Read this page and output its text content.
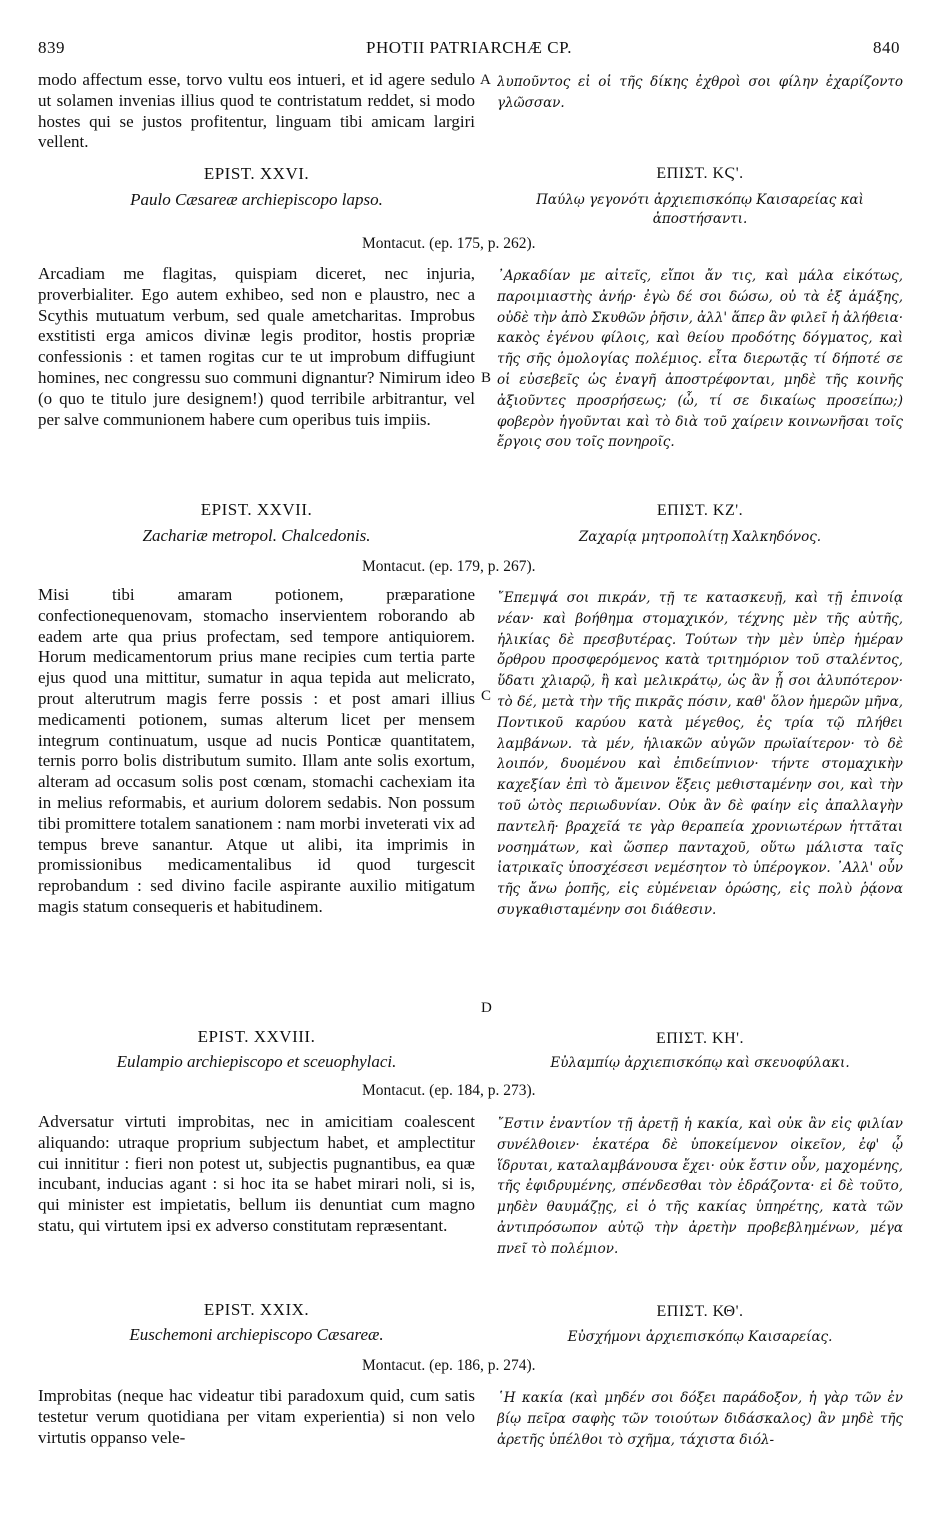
839	PHOTII PATRIARCHÆ CP.	840

modo affectum esse, torvo vultu eos intueri, et id agere sedulo ut solamen invenias illius quod te contristatum reddet, si modo hostes qui se justos profitentur, linguam tibi amicam largiri vellent.

λυποῦντος εἰ οἱ τῆς δίκης ἐχθροὶ σοι φίλην ἐχαρίζοντο γλῶσσαν.

EPIST. XXVI.
Paulo Cæsareæ archiepiscopo lapso.
ΕΠΙΣΤ. ΚϚ'.
Παύλῳ γεγονότι ἀρχιεπισκόπῳ Καισαρείας καὶ ἀποστήσαντι.
Montacut. (ep. 175, p. 262).

Arcadiam me flagitas, quispiam diceret, nec injuria, proverbialiter. Ego autem exhibeo, sed non e plaustro, nec a Scythis mutuatum verbum, sed quale ametcharitas. Improbus exstitisti erga amicos divinæ legis proditor, hostis propriæ confessionis : et tamen rogitas cur te ut improbum diffugiunt homines, nec congressu suo communi dignantur? Nimirum ideo (o quo te titulo jure designem!) quod terribile arbitrantur, vel per salve communionem habere cum operibus tuis impiis.

᾿Αρκαδίαν με αἰτεῖς, εἴποι ἄν τις, καὶ μάλα εἰκότως, παροιμιαστὴς ἀνήρ· ἐγὼ δέ σοι δώσω, οὐ τὰ ἐξ ἁμάξης, οὐδὲ τὴν ἀπὸ Σκυθῶν ῥῆσιν, ἀλλ' ἅπερ ἂν φιλεῖ ἡ ἀλήθεια· κακὸς ἐγένου φίλοις, καὶ θείου προδότης δόγματος, καὶ τῆς σῆς ὁμολογίας πολέμιος. εἶτα διερωτᾷς τί δήποτέ σε οἱ εὐσεβεῖς ὡς ἐναγῆ ἀποστρέφονται, μηδὲ τῆς κοινῆς ἀξιοῦντες προσρήσεως; (ὦ, τί σε δικαίως προσείπω;) φοβερὸν ἡγοῦνται καὶ τὸ διὰ τοῦ χαίρειν κοινωνῆσαι τοῖς ἔργοις σου τοῖς πονηροῖς.

EPIST. XXVII.
Zachariæ metropol. Chalcedonis.
ΕΠΙΣΤ. ΚΖ'.
Ζαχαρίᾳ μητροπολίτῃ Χαλκηδόνος.
Montacut. (ep. 179, p. 267).

Misi tibi amaram potionem, præparatione confectionequenovam, stomacho inservientem roborando ab eadem arte qua prius profectam, sed tempore antiquiorem. Horum medicamentorum prius mane recipies cum tertia parte ejus quod una mittitur, sumatur in aqua tepida aut melicrato, prout alterutrum magis ferre possis : et post amari illius medicamenti potionem, sumas alterum licet per mensem integrum continuatum, usque ad nucis Ponticæ quantitatem, ternis porro bolis distributum sumito. Illam ante solis exortum, alteram ad occasum solis post cœnam, stomachi cachexiam ita in melius reformabis, et aurium dolorem sedabis. Non possum tibi promittere totalem sanationem : nam morbi inveterati vix ad tempus breve sanantur. Atque ut alibi, ita imprimis in promissionibus medicamentalibus id quod turgescit reprobandum : sed divino facile aspirante auxilio mitigatum magis statum consequeris et habitudinem.

῎Επεμψά σοι πικράν, τῇ τε κατασκευῇ, καὶ τῇ ἐπινοίᾳ νέαν· καὶ βοήθημα στομαχικόν, τέχνης μὲν τῆς αὐτῆς, ἡλικίας δὲ πρεσβυτέρας. Τούτων τὴν μὲν ὑπὲρ ἡμέραν ὄρθρου προσφερόμενος κατὰ τριτημόριον τοῦ σταλέντος, ὕδατι χλιαρῷ, ἢ καὶ μελικράτῳ, ὡς ἂν ᾖ σοι ἀλυπότερον· τὸ δέ, μετὰ τὴν τῆς πικρᾶς πόσιν, καθ' ὅλον ἡμερῶν μῆνα, Ποντικοῦ καρύου κατὰ μέγεθος, ἐς τρία τῷ πλήθει λαμβάνων. τὰ μέν, ἡλιακῶν αὐγῶν πρωϊαίτερον· τὸ δὲ λοιπόν, δυομένου καὶ ἐπιδείπνιον· τήντε στομαχικὴν καχεξίαν ἐπὶ τὸ ἄμεινον ἕξεις μεθισταμένην σοι, καὶ τὴν τοῦ ὠτὸς περιωδυνίαν. Οὐκ ἂν δὲ φαίην εἰς ἀπαλλαγὴν παντελῆ· βραχεῖά τε γὰρ θεραπεία χρονιωτέρων ἡττᾶται νοσημάτων, καὶ ὥσπερ πανταχοῦ, οὕτω μάλιστα ταῖς ἰατρικαῖς ὑποσχέσεσι νεμέσητον τὸ ὑπέρογκον. ᾿Αλλ' οὖν τῆς ἄνω ῥοπῆς, εἰς εὐμένειαν ὁρώσης, εἰς πολὺ ῥᾴονα συγκαθισταμένην σοι διάθεσιν.

EPIST. XXVIII.
Eulampio archiepiscopo et sceuophylaci.
ΕΠΙΣΤ. ΚΗ'.
Εὐλαμπίῳ ἀρχιεπισκόπῳ καὶ σκευοφύλακι.
Montacut. (ep. 184, p. 273).

Adversatur virtuti improbitas, nec in amicitiam coalescent aliquando: utraque proprium subjectum habet, et amplectitur cui innititur : fieri non potest ut, subjectis pugnantibus, ea quæ incubant, inducias agant : si hoc ita se habet mirari noli, si is, qui minister est impietatis, bellum iis denuntiat cum magno statu, qui virtutem ipsi ex adverso constitutam repræsentant.

῎Εστιν ἐναντίον τῇ ἀρετῇ ἡ κακία, καὶ οὐκ ἂν εἰς φιλίαν συνέλθοιεν· ἑκατέρα δὲ ὑποκείμενον οἰκεῖον, ἐφ' ᾧ ἵδρυται, καταλαμβάνουσα ἔχει· οὐκ ἔστιν οὖν, μαχομένης, τῆς ἐφιδρυμένης, σπένδεσθαι τὸν ἐδράζοντα· εἰ δὲ τοῦτο, μηδὲν θαυμάζῃς, εἰ ὁ τῆς κακίας ὑπηρέτης, κατὰ τῶν ἀντιπρόσωπον αὐτῷ τὴν ἀρετὴν προβεβλημένων, μέγα πνεῖ τὸ πολέμιον.

EPIST. XXIX.
Euschemoni archiepiscopo Cæsareæ.
ΕΠΙΣΤ. ΚΘ'.
Εὐσχήμονι ἀρχιεπισκόπῳ Καισαρείας.
Montacut. (ep. 186, p. 274).

Improbitas (neque hac videatur tibi paradoxum quid, cum satis testetur verum quotidiana per vitam experientia) si non velo virtutis oppanso vele-

῾Η κακία (καὶ μηδέν σοι δόξει παράδοξον, ἡ γὰρ τῶν ἐν βίῳ πεῖρα σαφὴς τῶν τοιούτων διδάσκαλος) ἂν μηδὲ τῆς ἀρετῆς ὑπέλθοι τὸ σχῆμα, τάχιστα διόλ-

A
B
C
D
